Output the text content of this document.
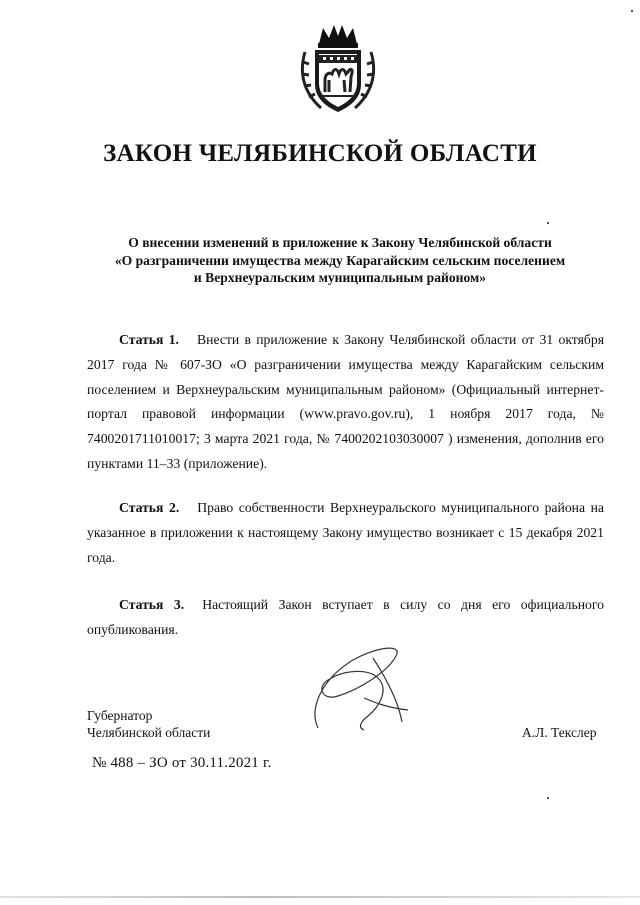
ЗАКОН ЧЕЛЯБИНСКОЙ ОБЛАСТИ
О внесении изменений в приложение к Закону Челябинской области
«О разграничении имущества между Карагайским сельским поселением
и Верхнеуральским муниципальным районом»

Статья 1. Внести в приложение к Закону Челябинской области от 31 октября 2017 года № 607-ЗО «О разграничении имущества между Карагайским сельским поселением и Верхнеуральским муниципальным районом» (Официальный интернет-портал правовой информации (www.pravo.gov.ru), 1 ноября 2017 года, № 7400201711010017; 3 марта 2021 года, № 7400202103030007 ) изменения, дополнив его пунктами 11–33 (приложение).

Статья 2. Право собственности Верхнеуральского муниципального района на указанное в приложении к настоящему Закону имущество возникает с 15 декабря 2021 года.

Статья 3. Настоящий Закон вступает в силу со дня его официального опубликования.

Губернатор
Челябинской области	А.Л. Текслер
№ 488 – ЗО от 30.11.2021 г.
